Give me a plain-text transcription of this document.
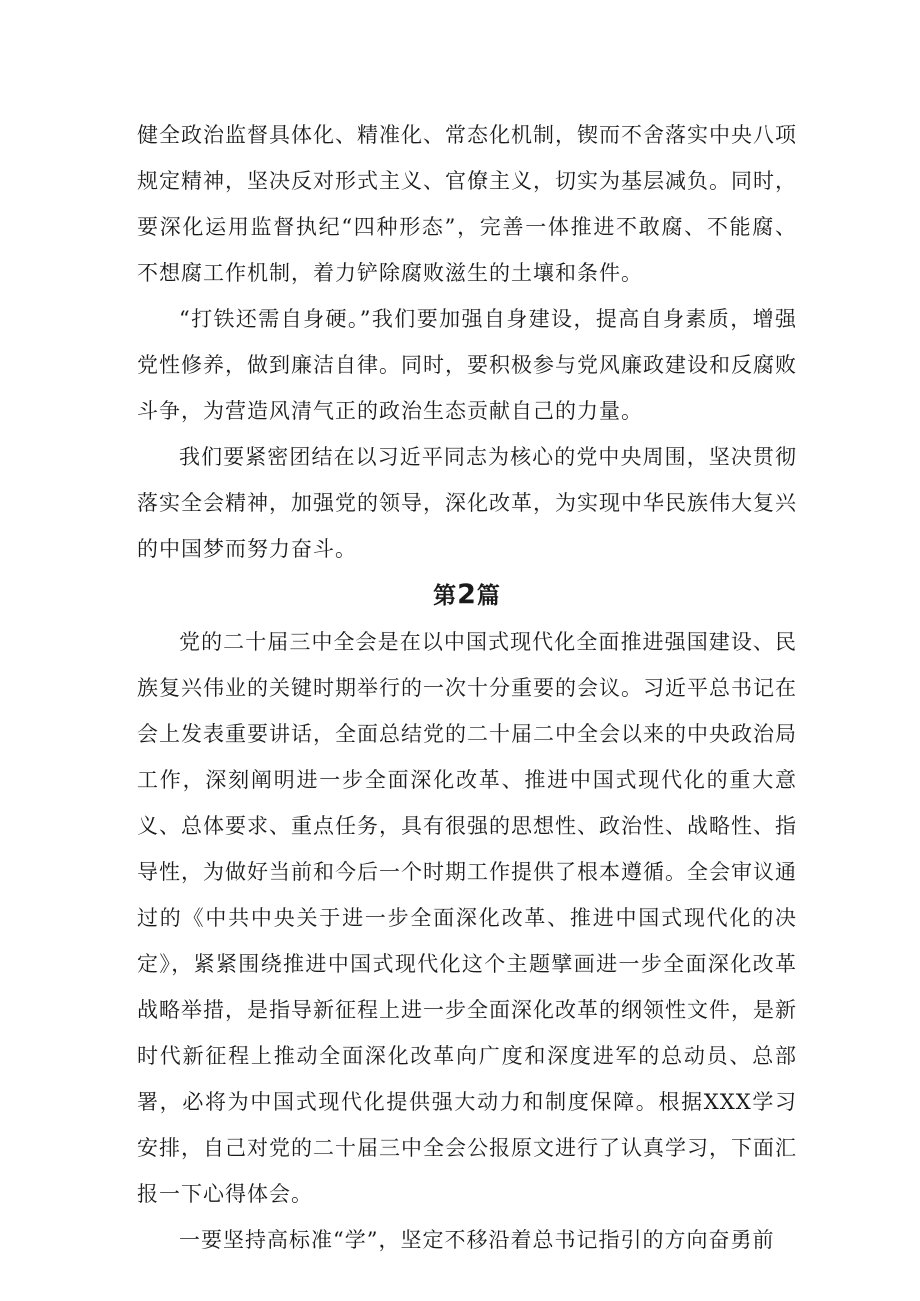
健全政治监督具体化、精准化、常态化机制，锲而不舍落实中央八项规定精神，坚决反对形式主义、官僚主义，切实为基层减负。同时，要深化运用监督执纪“四种形态”，完善一体推进不敢腐、不能腐、不想腐工作机制，着力铲除腐败滋生的土壤和条件。

“打铁还需自身硬。”我们要加强自身建设，提高自身素质，增强党性修养，做到廉洁自律。同时，要积极参与党风廉政建设和反腐败斗争，为营造风清气正的政治生态贡献自己的力量。

我们要紧密团结在以习近平同志为核心的党中央周围，坚决贯彻落实全会精神，加强党的领导，深化改革，为实现中华民族伟大复兴的中国梦而努力奋斗。

第2篇

党的二十届三中全会是在以中国式现代化全面推进强国建设、民族复兴伟业的关键时期举行的一次十分重要的会议。习近平总书记在会上发表重要讲话，全面总结党的二十届二中全会以来的中央政治局工作，深刻阐明进一步全面深化改革、推进中国式现代化的重大意义、总体要求、重点任务，具有很强的思想性、政治性、战略性、指导性，为做好当前和今后一个时期工作提供了根本遵循。全会审议通过的《中共中央关于进一步全面深化改革、推进中国式现代化的决定》，紧紧围绕推进中国式现代化这个主题擘画进一步全面深化改革战略举措，是指导新征程上进一步全面深化改革的纲领性文件，是新时代新征程上推动全面深化改革向广度和深度进军的总动员、总部署，必将为中国式现代化提供强大动力和制度保障。根据XXX学习安排，自己对党的二十届三中全会公报原文进行了认真学习，下面汇报一下心得体会。

一要坚持高标准“学”，坚定不移沿着总书记指引的方向奋勇前
